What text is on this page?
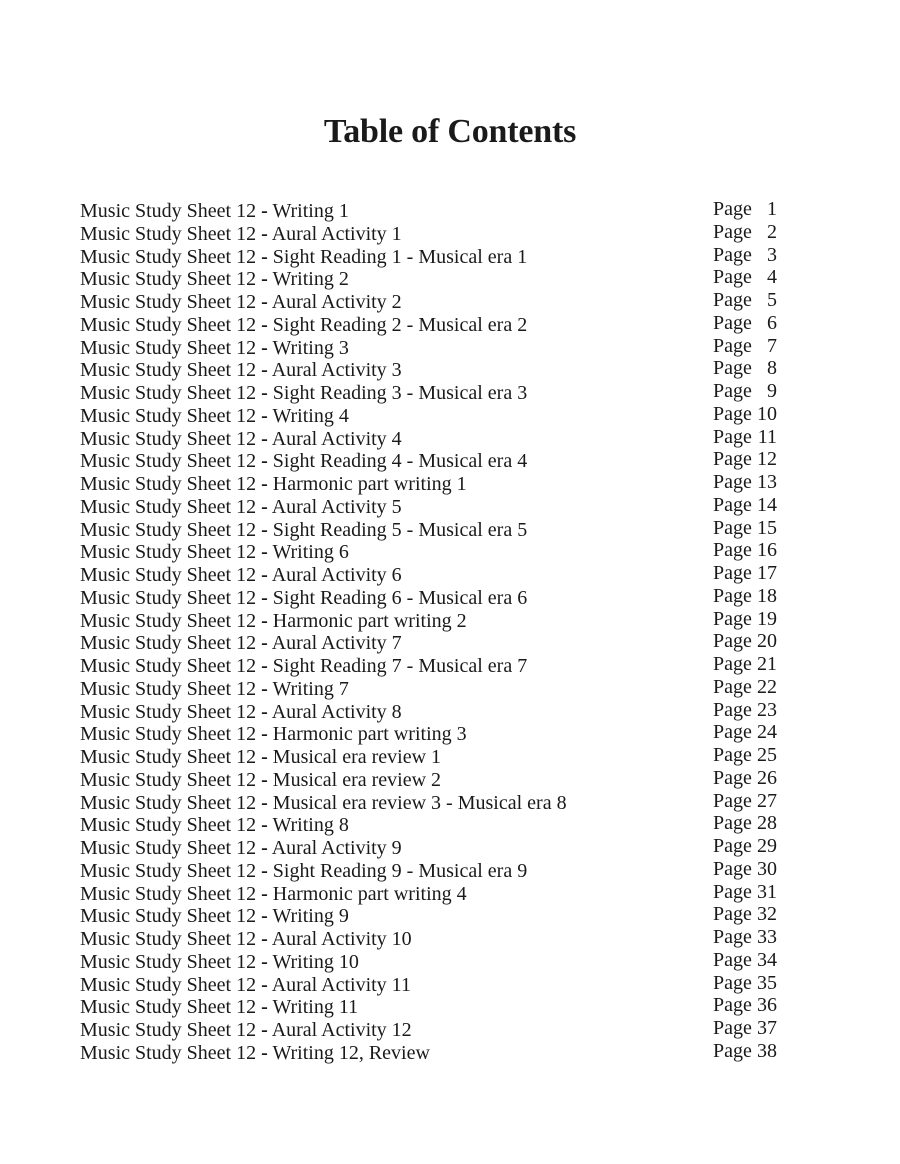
Table of Contents
Music Study Sheet 12 - Writing 1	Page 1
Music Study Sheet 12 - Aural Activity 1	Page 2
Music Study Sheet 12 - Sight Reading 1 - Musical era 1	Page 3
Music Study Sheet 12 - Writing 2	Page 4
Music Study Sheet 12 - Aural Activity 2	Page 5
Music Study Sheet 12 - Sight Reading 2 - Musical era 2	Page 6
Music Study Sheet 12 - Writing 3	Page 7
Music Study Sheet 12 - Aural Activity 3	Page 8
Music Study Sheet 12 - Sight Reading 3 - Musical era 3	Page 9
Music Study Sheet 12 - Writing 4	Page 10
Music Study Sheet 12 - Aural Activity 4	Page 11
Music Study Sheet 12 - Sight Reading 4 - Musical era 4	Page 12
Music Study Sheet 12 - Harmonic part writing 1	Page 13
Music Study Sheet 12 - Aural Activity 5	Page 14
Music Study Sheet 12 - Sight Reading 5 - Musical era 5	Page 15
Music Study Sheet 12 - Writing 6	Page 16
Music Study Sheet 12 - Aural Activity 6	Page 17
Music Study Sheet 12 - Sight Reading 6 - Musical era 6	Page 18
Music Study Sheet 12 - Harmonic part writing 2	Page 19
Music Study Sheet 12 - Aural Activity 7	Page 20
Music Study Sheet 12 - Sight Reading 7 - Musical era 7	Page 21
Music Study Sheet 12 - Writing 7	Page 22
Music Study Sheet 12 - Aural Activity 8	Page 23
Music Study Sheet 12 - Harmonic part writing 3	Page 24
Music Study Sheet 12 - Musical era review 1	Page 25
Music Study Sheet 12 - Musical era review 2	Page 26
Music Study Sheet 12 - Musical era review 3 - Musical era 8	Page 27
Music Study Sheet 12 - Writing 8	Page 28
Music Study Sheet 12 - Aural Activity 9	Page 29
Music Study Sheet 12 - Sight Reading 9 - Musical era 9	Page 30
Music Study Sheet 12 - Harmonic part writing 4	Page 31
Music Study Sheet 12 - Writing 9	Page 32
Music Study Sheet 12 - Aural Activity 10	Page 33
Music Study Sheet 12 - Writing 10	Page 34
Music Study Sheet 12 - Aural Activity 11	Page 35
Music Study Sheet 12 - Writing 11	Page 36
Music Study Sheet 12 - Aural Activity 12	Page 37
Music Study Sheet 12 - Writing 12, Review	Page 38
